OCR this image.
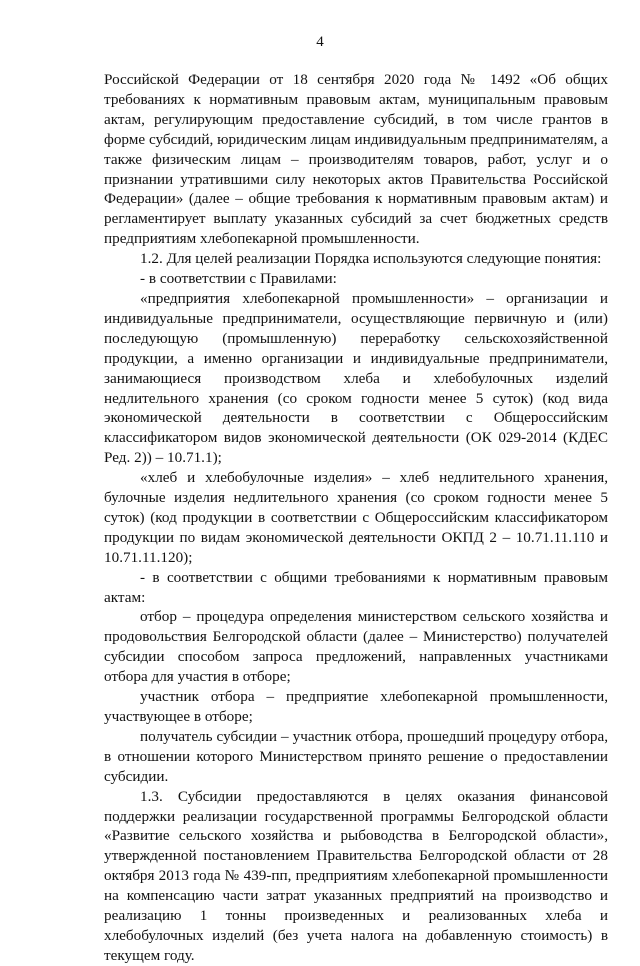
4

Российской Федерации от 18 сентября 2020 года № 1492 «Об общих требованиях к нормативным правовым актам, муниципальным правовым актам, регулирующим предоставление субсидий, в том числе грантов в форме субсидий, юридическим лицам индивидуальным предпринимателям, а также физическим лицам – производителям товаров, работ, услуг и о признании утратившими силу некоторых актов Правительства Российской Федерации» (далее – общие требования к нормативным правовым актам) и регламентирует выплату указанных субсидий за счет бюджетных средств предприятиям хлебопекарной промышленности.

1.2. Для целей реализации Порядка используются следующие понятия:

- в соответствии с Правилами:

«предприятия хлебопекарной промышленности» – организации и индивидуальные предприниматели, осуществляющие первичную и (или) последующую (промышленную) переработку сельскохозяйственной продукции, а именно организации и индивидуальные предприниматели, занимающиеся производством хлеба и хлебобулочных изделий недлительного хранения (со сроком годности менее 5 суток) (код вида экономической деятельности в соответствии с Общероссийским классификатором видов экономической деятельности (ОК 029-2014 (КДЕС Ред. 2)) – 10.71.1);

«хлеб и хлебобулочные изделия» – хлеб недлительного хранения, булочные изделия недлительного хранения (со сроком годности менее 5 суток) (код продукции в соответствии с Общероссийским классификатором продукции по видам экономической деятельности ОКПД 2 – 10.71.11.110 и 10.71.11.120);

- в соответствии с общими требованиями к нормативным правовым актам:

отбор – процедура определения министерством сельского хозяйства и продовольствия Белгородской области (далее – Министерство) получателей субсидии способом запроса предложений, направленных участниками отбора для участия в отборе;

участник отбора – предприятие хлебопекарной промышленности, участвующее в отборе;

получатель субсидии – участник отбора, прошедший процедуру отбора, в отношении которого Министерством принято решение о предоставлении субсидии.

1.3. Субсидии предоставляются в целях оказания финансовой поддержки реализации государственной программы Белгородской области «Развитие сельского хозяйства и рыбоводства в Белгородской области», утвержденной постановлением Правительства Белгородской области от 28 октября 2013 года № 439-пп, предприятиям хлебопекарной промышленности на компенсацию части затрат указанных предприятий на производство и реализацию 1 тонны произведенных и реализованных хлеба и хлебобулочных изделий (без учета налога на добавленную стоимость) в текущем году.
